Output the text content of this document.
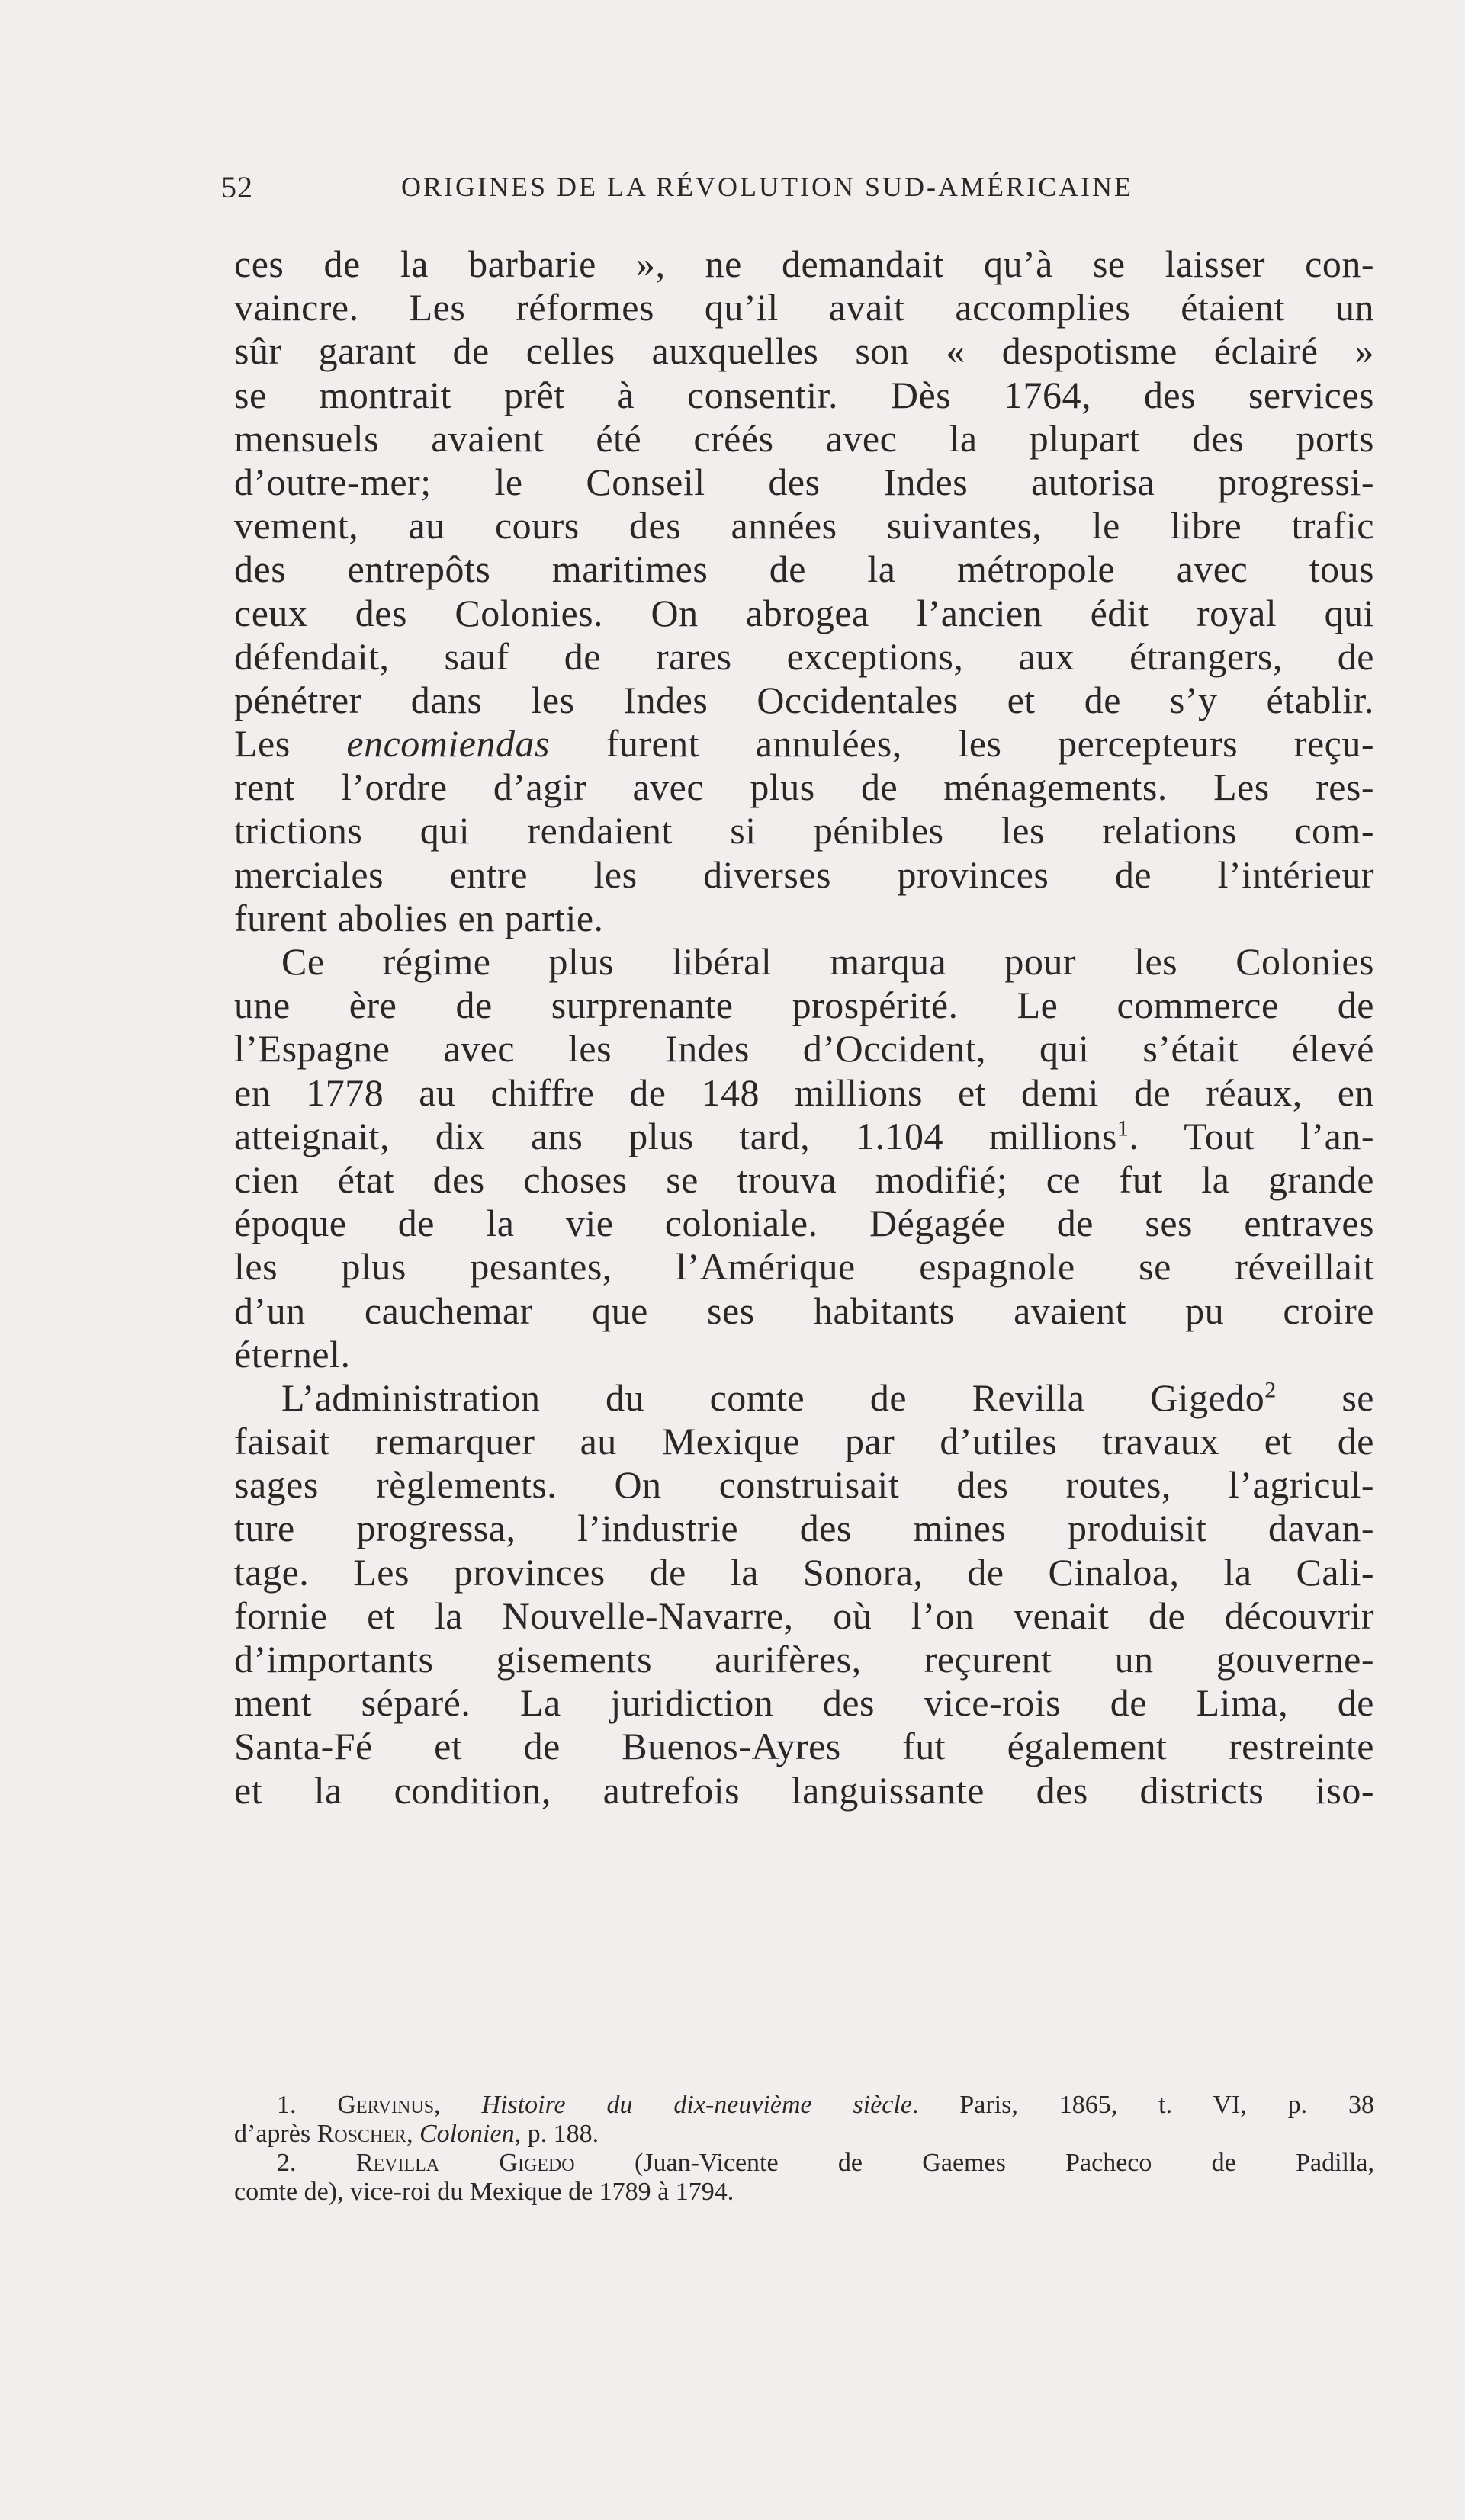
52	ORIGINES DE LA RÉVOLUTION SUD-AMÉRICAINE
ces de la barbarie », ne demandait qu’à se laisser con-
vaincre. Les réformes qu’il avait accomplies étaient un
sûr garant de celles auxquelles son « despotisme éclairé »
se montrait prêt à consentir. Dès 1764, des services
mensuels avaient été créés avec la plupart des ports
d’outre-mer; le Conseil des Indes autorisa progressi-
vement, au cours des années suivantes, le libre trafic
des entrepôts maritimes de la métropole avec tous
ceux des Colonies. On abrogea l’ancien édit royal qui
défendait, sauf de rares exceptions, aux étrangers, de
pénétrer dans les Indes Occidentales et de s’y établir.
Les encomiendas furent annulées, les percepteurs reçu-
rent l’ordre d’agir avec plus de ménagements. Les res-
trictions qui rendaient si pénibles les relations com-
merciales entre les diverses provinces de l’intérieur
furent abolies en partie.
Ce régime plus libéral marqua pour les Colonies
une ère de surprenante prospérité. Le commerce de
l’Espagne avec les Indes d’Occident, qui s’était élevé
en 1778 au chiffre de 148 millions et demi de réaux, en
atteignait, dix ans plus tard, 1.104 millions$^1$. Tout l’an-
cien état des choses se trouva modifié; ce fut la grande
époque de la vie coloniale. Dégagée de ses entraves
les plus pesantes, l’Amérique espagnole se réveillait
d’un cauchemar que ses habitants avaient pu croire
éternel.
L’administration du comte de Revilla Gigedo$^2$ se
faisait remarquer au Mexique par d’utiles travaux et de
sages règlements. On construisait des routes, l’agricul-
ture progressa, l’industrie des mines produisit davan-
tage. Les provinces de la Sonora, de Cinaloa, la Cali-
fornie et la Nouvelle-Navarre, où l’on venait de découvrir
d’importants gisements aurifères, reçurent un gouverne-
ment séparé. La juridiction des vice-rois de Lima, de
Santa-Fé et de Buenos-Ayres fut également restreinte
et la condition, autrefois languissante des districts iso-
1. Gervinus, Histoire du dix-neuvième siècle. Paris, 1865, t. VI, p. 38
d’après Roscher, Colonien, p. 188.
2. Revilla Gigedo (Juan-Vicente de Gaemes Pacheco de Padilla,
comte de), vice-roi du Mexique de 1789 à 1794.
